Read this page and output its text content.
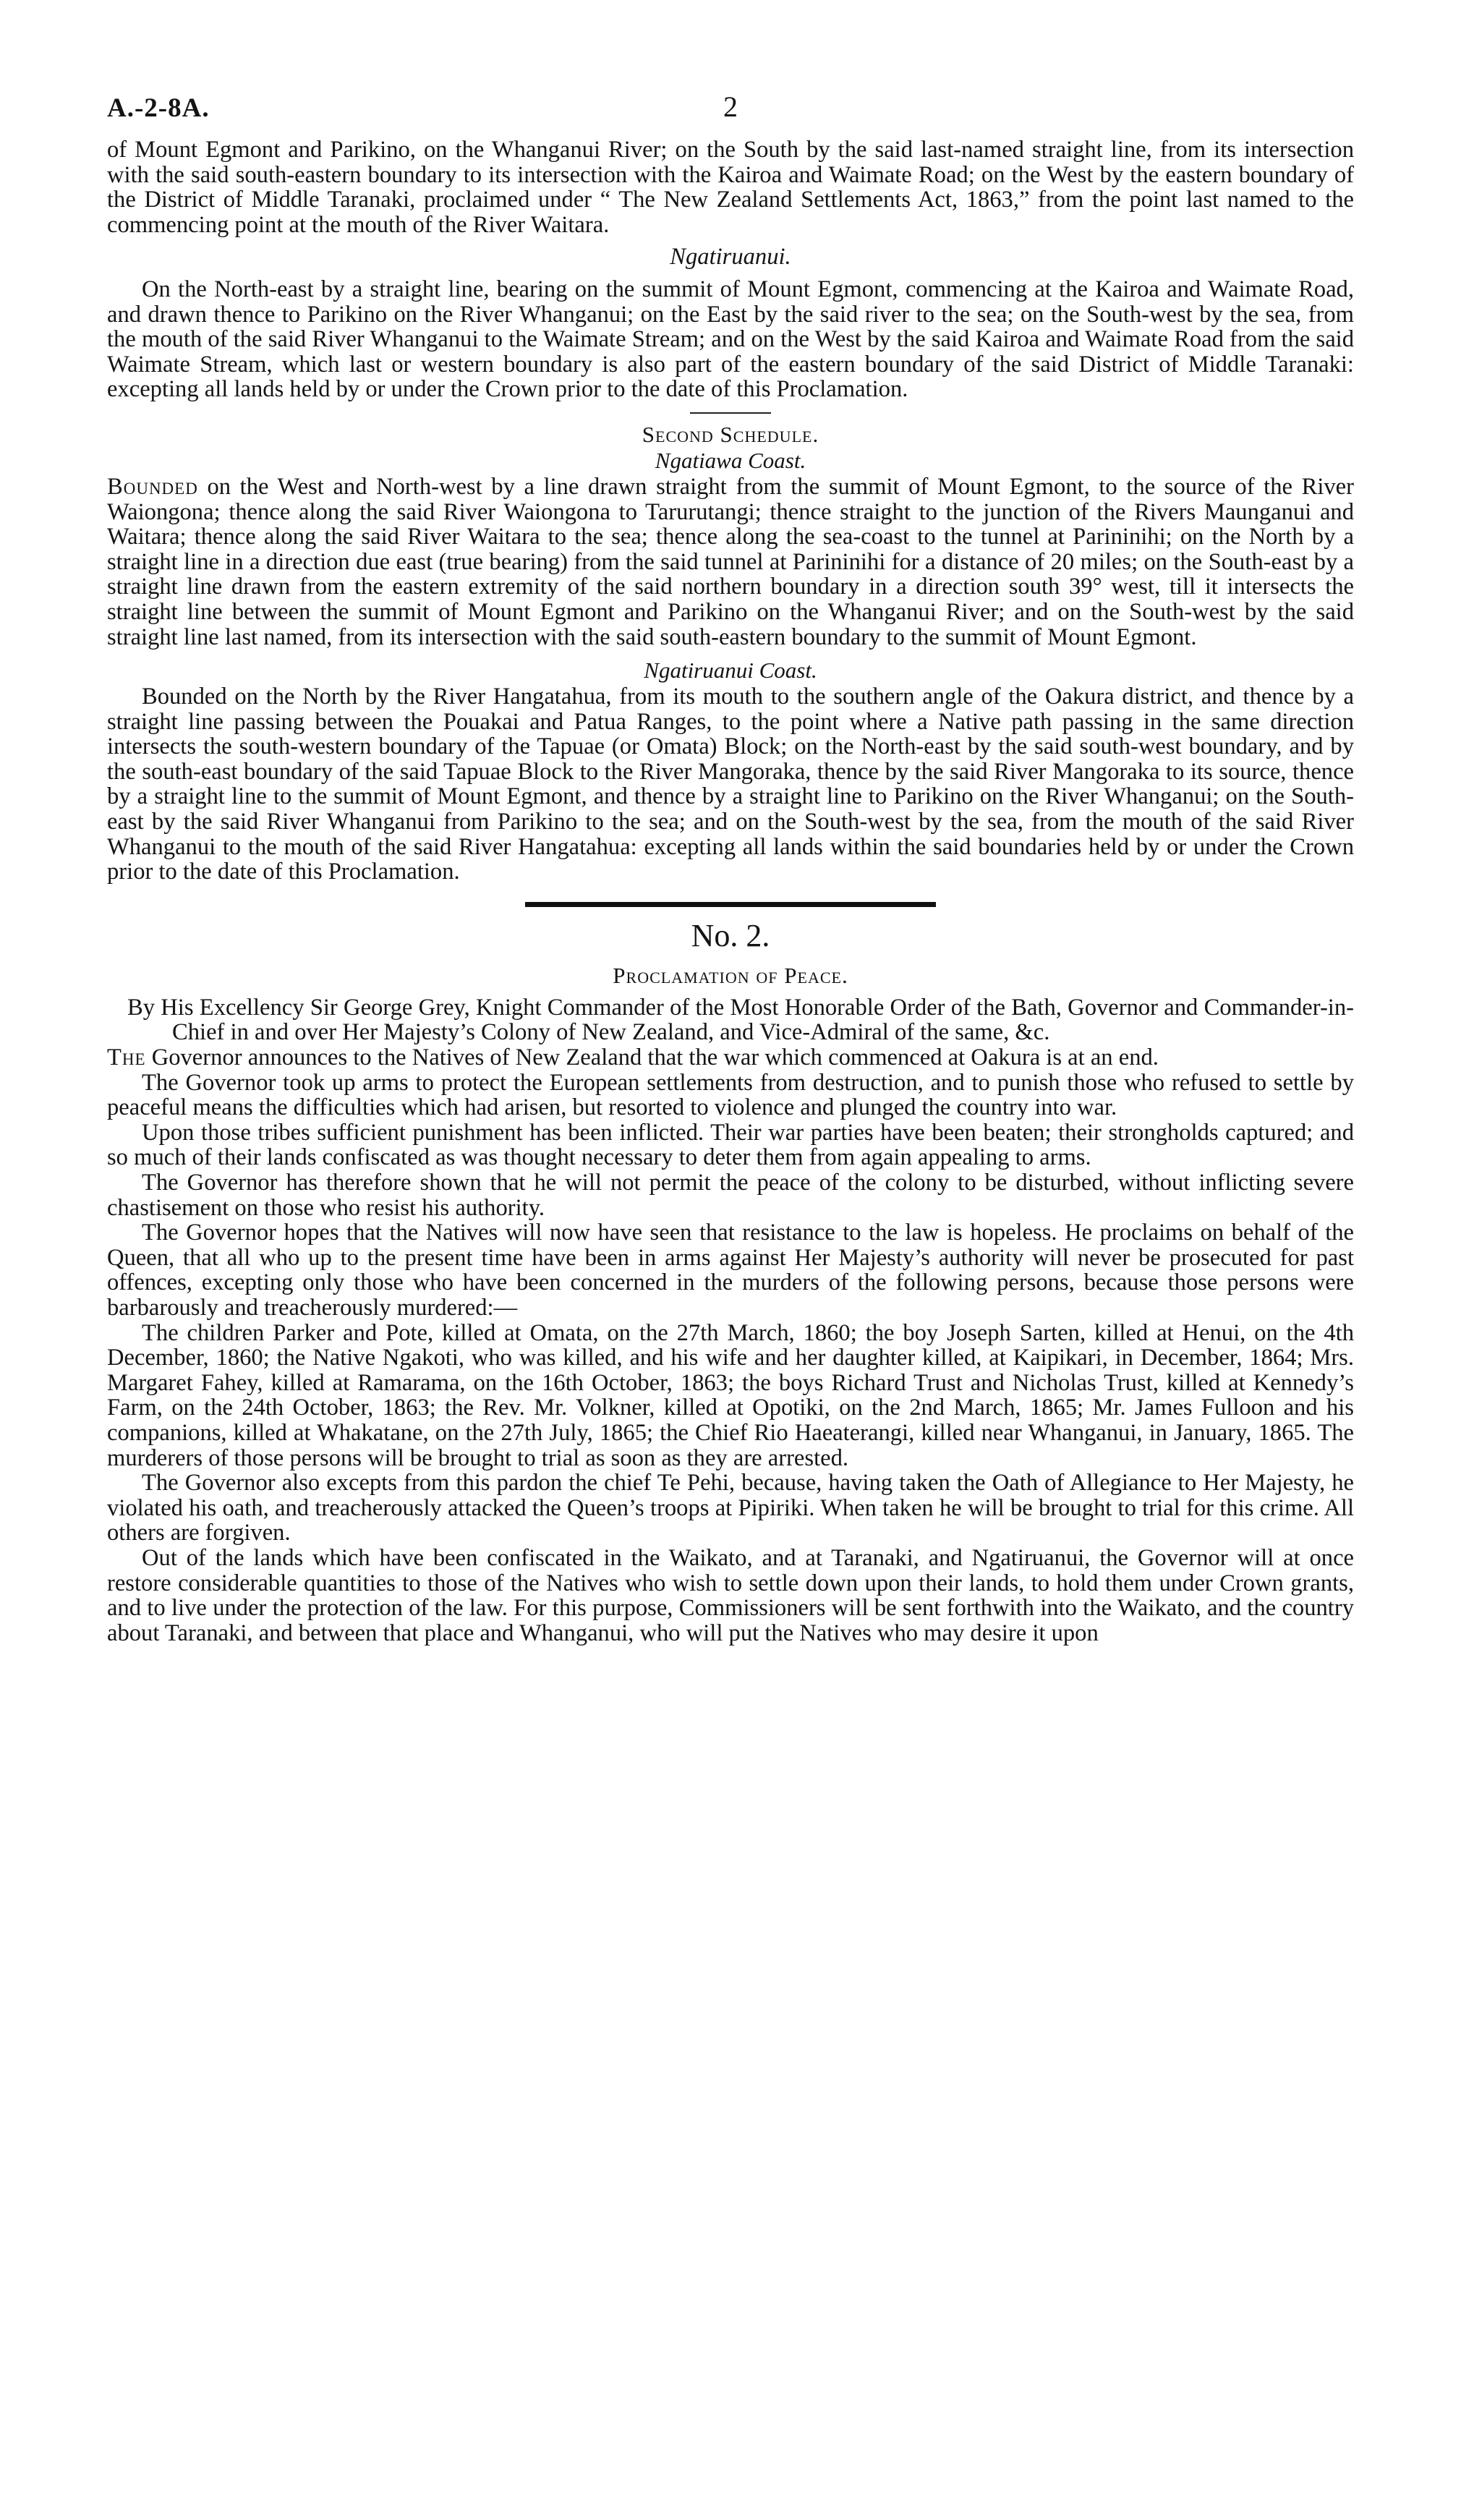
A.-2-8A.	2

of Mount Egmont and Parikino, on the Whanganui River; on the South by the said last-named straight line, from its intersection with the said south-eastern boundary to its intersection with the Kairoa and Waimate Road; on the West by the eastern boundary of the District of Middle Taranaki, proclaimed under “ The New Zealand Settlements Act, 1863,” from the point last named to the commencing point at the mouth of the River Waitara.

Ngatiruanui.

On the North-east by a straight line, bearing on the summit of Mount Egmont, commencing at the Kairoa and Waimate Road, and drawn thence to Parikino on the River Whanganui; on the East by the said river to the sea; on the South-west by the sea, from the mouth of the said River Whanganui to the Waimate Stream; and on the West by the said Kairoa and Waimate Road from the said Waimate Stream, which last or western boundary is also part of the eastern boundary of the said District of Middle Taranaki: excepting all lands held by or under the Crown prior to the date of this Proclamation.

Second Schedule.

Ngatiawa Coast.

Bounded on the West and North-west by a line drawn straight from the summit of Mount Egmont, to the source of the River Waiongona; thence along the said River Waiongona to Tarurutangi; thence straight to the junction of the Rivers Maunganui and Waitara; thence along the said River Waitara to the sea; thence along the sea-coast to the tunnel at Parininihi; on the North by a straight line in a direction due east (true bearing) from the said tunnel at Parininihi for a distance of 20 miles; on the South-east by a straight line drawn from the eastern extremity of the said northern boundary in a direction south 39° west, till it intersects the straight line between the summit of Mount Egmont and Parikino on the Whanganui River; and on the South-west by the said straight line last named, from its intersection with the said south-eastern boundary to the summit of Mount Egmont.

Ngatiruanui Coast.

Bounded on the North by the River Hangatahua, from its mouth to the southern angle of the Oakura district, and thence by a straight line passing between the Pouakai and Patua Ranges, to the point where a Native path passing in the same direction intersects the south-western boundary of the Tapuae (or Omata) Block; on the North-east by the said south-west boundary, and by the south-east boundary of the said Tapuae Block to the River Mangoraka, thence by the said River Mangoraka to its source, thence by a straight line to the summit of Mount Egmont, and thence by a straight line to Parikino on the River Whanganui; on the South-east by the said River Whanganui from Parikino to the sea; and on the South-west by the sea, from the mouth of the said River Whanganui to the mouth of the said River Hangatahua: excepting all lands within the said boundaries held by or under the Crown prior to the date of this Proclamation.

No. 2.

Proclamation of Peace.

By His Excellency Sir George Grey, Knight Commander of the Most Honorable Order of the Bath, Governor and Commander-in-Chief in and over Her Majesty’s Colony of New Zealand, and Vice-Admiral of the same, &c.

The Governor announces to the Natives of New Zealand that the war which commenced at Oakura is at an end.

The Governor took up arms to protect the European settlements from destruction, and to punish those who refused to settle by peaceful means the difficulties which had arisen, but resorted to violence and plunged the country into war.

Upon those tribes sufficient punishment has been inflicted. Their war parties have been beaten; their strongholds captured; and so much of their lands confiscated as was thought necessary to deter them from again appealing to arms.

The Governor has therefore shown that he will not permit the peace of the colony to be disturbed, without inflicting severe chastisement on those who resist his authority.

The Governor hopes that the Natives will now have seen that resistance to the law is hopeless. He proclaims on behalf of the Queen, that all who up to the present time have been in arms against Her Majesty’s authority will never be prosecuted for past offences, excepting only those who have been concerned in the murders of the following persons, because those persons were barbarously and treacherously murdered:—

The children Parker and Pote, killed at Omata, on the 27th March, 1860; the boy Joseph Sarten, killed at Henui, on the 4th December, 1860; the Native Ngakoti, who was killed, and his wife and her daughter killed, at Kaipikari, in December, 1864; Mrs. Margaret Fahey, killed at Ramarama, on the 16th October, 1863; the boys Richard Trust and Nicholas Trust, killed at Kennedy’s Farm, on the 24th October, 1863; the Rev. Mr. Volkner, killed at Opotiki, on the 2nd March, 1865; Mr. James Fulloon and his companions, killed at Whakatane, on the 27th July, 1865; the Chief Rio Haeaterangi, killed near Whanganui, in January, 1865. The murderers of those persons will be brought to trial as soon as they are arrested.

The Governor also excepts from this pardon the chief Te Pehi, because, having taken the Oath of Allegiance to Her Majesty, he violated his oath, and treacherously attacked the Queen’s troops at Pipiriki. When taken he will be brought to trial for this crime. All others are forgiven.

Out of the lands which have been confiscated in the Waikato, and at Taranaki, and Ngatiruanui, the Governor will at once restore considerable quantities to those of the Natives who wish to settle down upon their lands, to hold them under Crown grants, and to live under the protection of the law. For this purpose, Commissioners will be sent forthwith into the Waikato, and the country about Taranaki, and between that place and Whanganui, who will put the Natives who may desire it upon
